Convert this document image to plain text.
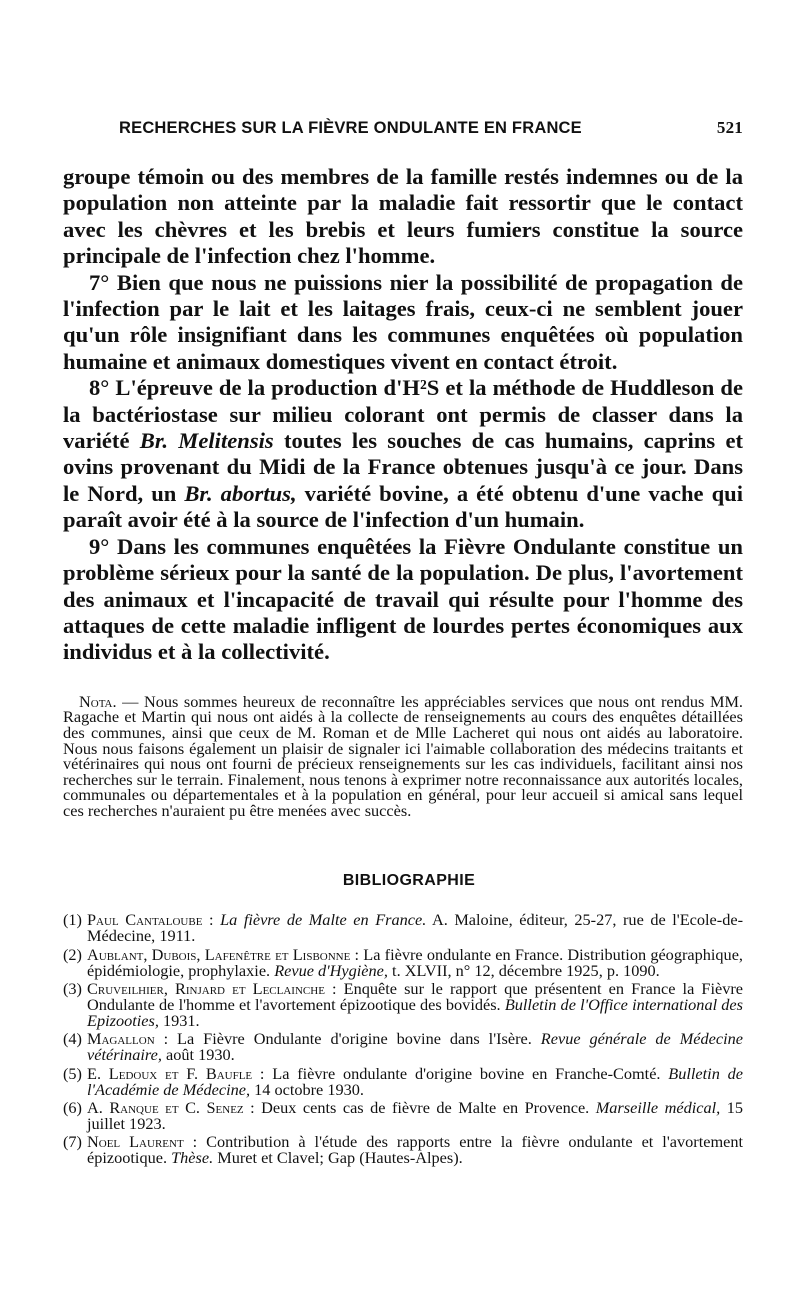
RECHERCHES SUR LA FIÈVRE ONDULANTE EN FRANCE	521

groupe témoin ou des membres de la famille restés indemnes ou de la population non atteinte par la maladie fait ressortir que le contact avec les chèvres et les brebis et leurs fumiers constitue la source principale de l'infection chez l'homme.

7° Bien que nous ne puissions nier la possibilité de propagation de l'infection par le lait et les laitages frais, ceux-ci ne semblent jouer qu'un rôle insignifiant dans les communes enquêtées où population humaine et animaux domestiques vivent en contact étroit.

8° L'épreuve de la production d'H²S et la méthode de Huddleson de la bactériostase sur milieu colorant ont permis de classer dans la variété Br. Melitensis toutes les souches de cas humains, caprins et ovins provenant du Midi de la France obtenues jusqu'à ce jour. Dans le Nord, un Br. abortus, variété bovine, a été obtenu d'une vache qui paraît avoir été à la source de l'infection d'un humain.

9° Dans les communes enquêtées la Fièvre Ondulante constitue un problème sérieux pour la santé de la population. De plus, l'avortement des animaux et l'incapacité de travail qui résulte pour l'homme des attaques de cette maladie infligent de lourdes pertes économiques aux individus et à la collectivité.

Nota. — Nous sommes heureux de reconnaître les appréciables services que nous ont rendus MM. Ragache et Martin qui nous ont aidés à la collecte de renseignements au cours des enquêtes détaillées des communes, ainsi que ceux de M. Roman et de Mlle Lacheret qui nous ont aidés au laboratoire. Nous nous faisons également un plaisir de signaler ici l'aimable collaboration des médecins traitants et vétérinaires qui nous ont fourni de précieux renseignements sur les cas individuels, facilitant ainsi nos recherches sur le terrain. Finalement, nous tenons à exprimer notre reconnaissance aux autorités locales, communales ou départementales et à la population en général, pour leur accueil si amical sans lequel ces recherches n'auraient pu être menées avec succès.

BIBLIOGRAPHIE
(1) Paul Cantaloube : La fièvre de Malte en France. A. Maloine, éditeur, 25-27, rue de l'Ecole-de-Médecine, 1911.
(2) Aublant, Dubois, Lafenêtre et Lisbonne : La fièvre ondulante en France. Distribution géographique, épidémiologie, prophylaxie. Revue d'Hygiène, t. XLVII, n° 12, décembre 1925, p. 1090.
(3) Cruveilhier, Rinjard et Leclainche : Enquête sur le rapport que présentent en France la Fièvre Ondulante de l'homme et l'avortement épizootique des bovidés. Bulletin de l'Office international des Epizooties, 1931.
(4) Magallon : La Fièvre Ondulante d'origine bovine dans l'Isère. Revue générale de Médecine vétérinaire, août 1930.
(5) E. Ledoux et F. Baufle : La fièvre ondulante d'origine bovine en Franche-Comté. Bulletin de l'Académie de Médecine, 14 octobre 1930.
(6) A. Ranque et C. Senez : Deux cents cas de fièvre de Malte en Provence. Marseille médical, 15 juillet 1923.
(7) Noel Laurent : Contribution à l'étude des rapports entre la fièvre ondulante et l'avortement épizootique. Thèse. Muret et Clavel; Gap (Hautes-Alpes).
